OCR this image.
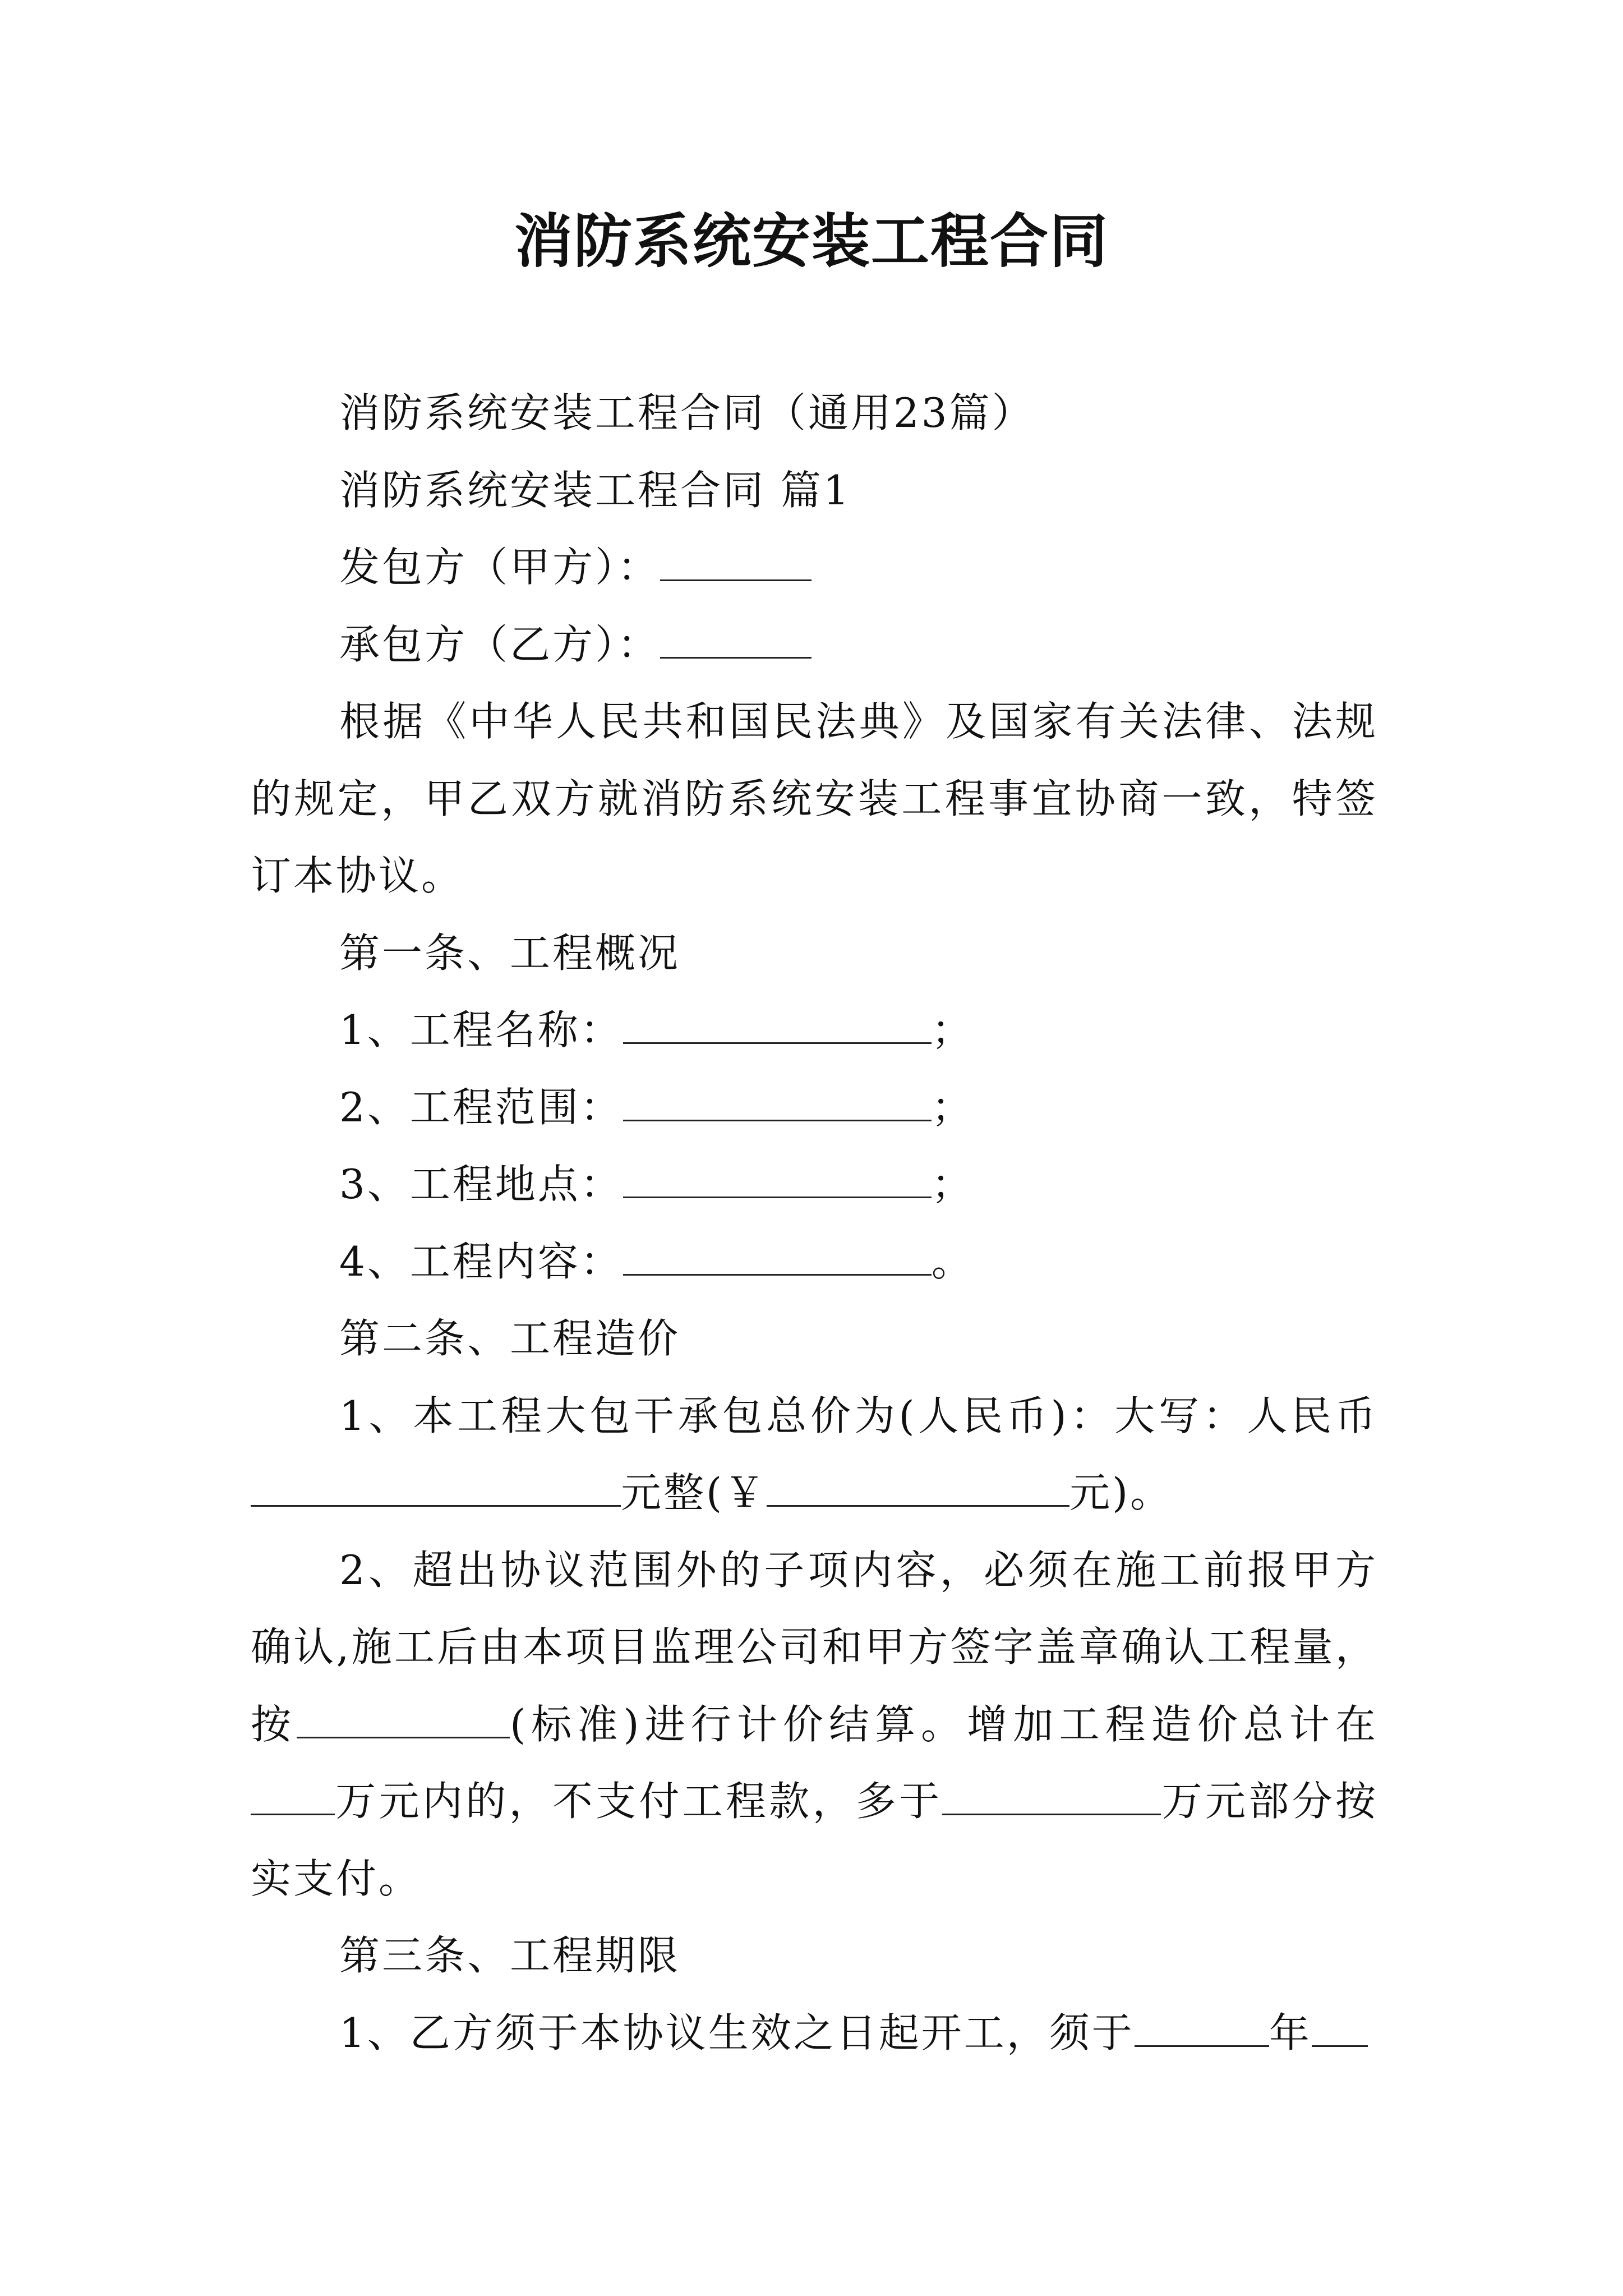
消防系统安装工程合同

消防系统安装工程合同（通用23篇）

消防系统安装工程合同 篇1

发包方（甲方）：

承包方（乙方）：

根据《中华人民共和国民法典》及国家有关法律、法规的规定，甲乙双方就消防系统安装工程事宜协商一致，特签订本协议。

第一条、工程概况

1、工程名称：	；

2、工程范围：	；

3、工程地点：	；

4、工程内容：	。

第二条、工程造价

1、本工程大包干承包总价为(人民币)：大写：人民币元整(￥	元)。

2、超出协议范围外的子项内容，必须在施工前报甲方确认,施工后由本项目监理公司和甲方签字盖章确认工程量，按	(标准)进行计价结算。增加工程造价总计在万元内的，不支付工程款，多于	万元部分按实支付。

第三条、工程期限

1、乙方须于本协议生效之日起开工，须于	年
